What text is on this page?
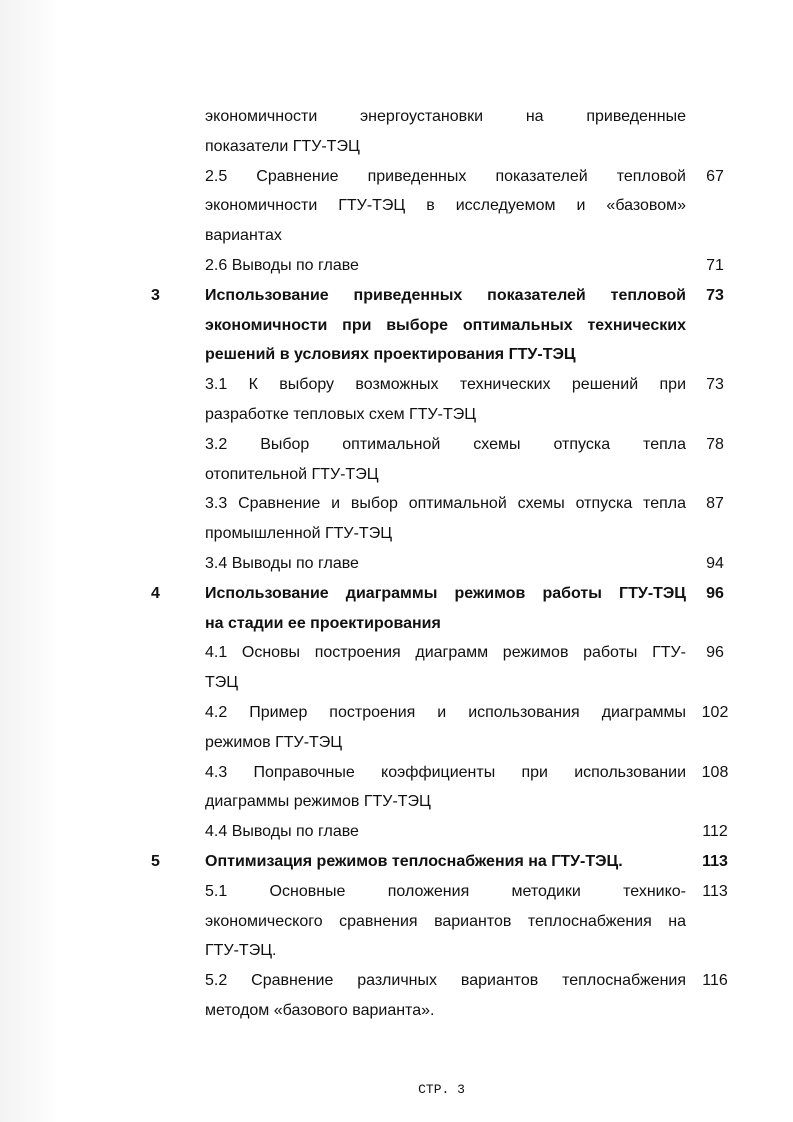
экономичности энергоустановки на приведенные
показатели ГТУ-ТЭЦ
2.5 Сравнение приведенных показателей тепловой	67
экономичности ГТУ-ТЭЦ в исследуемом и «базовом»
вариантах
2.6 Выводы по главе	71
3	Использование приведенных показателей тепловой	73
экономичности при выборе оптимальных технических
решений в условиях проектирования ГТУ-ТЭЦ
3.1 К выбору возможных технических решений при	73
разработке тепловых схем ГТУ-ТЭЦ
3.2 Выбор оптимальной схемы отпуска тепла	78
отопительной ГТУ-ТЭЦ
3.3 Сравнение и выбор оптимальной схемы отпуска тепла	87
промышленной ГТУ-ТЭЦ
3.4 Выводы по главе	94
4	Использование диаграммы режимов работы ГТУ-ТЭЦ	96
на стадии ее проектирования
4.1 Основы построения диаграмм режимов работы ГТУ-	96
ТЭЦ
4.2 Пример построения и использования диаграммы 102
режимов ГТУ-ТЭЦ
4.3 Поправочные коэффициенты при использовании 108
диаграммы режимов ГТУ-ТЭЦ
4.4 Выводы по главе	112
5	Оптимизация режимов теплоснабжения на ГТУ-ТЭЦ.	113
5.1 Основные положения методики технико- 113
экономического сравнения вариантов теплоснабжения на
ГТУ-ТЭЦ.
5.2 Сравнение различных вариантов теплоснабжения 116
методом «базового варианта».
СТР. 3
